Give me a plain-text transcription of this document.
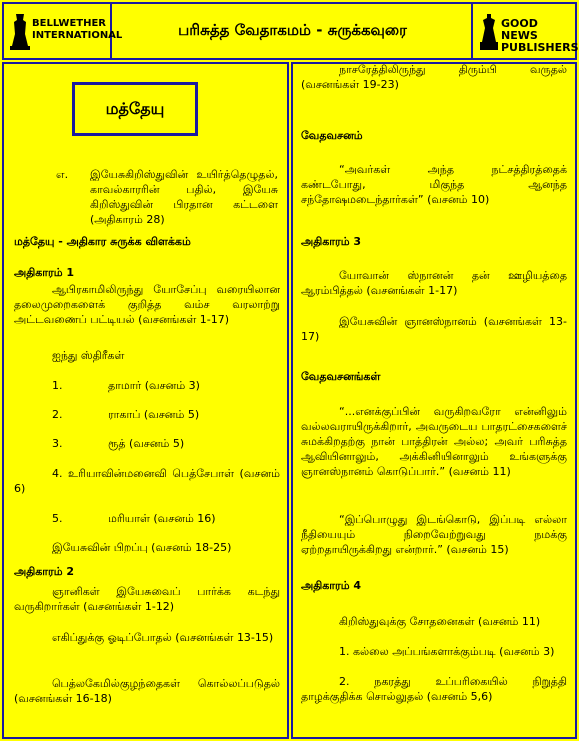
BELLWETHER INTERNATIONAL	பரிசுத்த வேதாகமம் - சுருக்கவுரை	GOOD NEWS PUBLISHERS
மத்தேயு
எ. இயேசுகிறிஸ்துவின் உயிர்த்தெழுதல், காவல்காரரின் பதில், இயேசு கிறிஸ்துவின் பிரதான கட்டளை (அதிகாரம் 28)
மத்தேயு - அதிகார சுருக்க விளக்கம்
அதிகாரம் 1
ஆபிரகாமிலிருந்து யோசேப்பு வரையிலான தலைமுறைகளைக் குறித்த வம்ச வரலாற்று அட்டவணைப் பட்டியல் (வசனங்கள் 1-17)
ஐந்து ஸ்திரீகள்
1.	தாமார் (வசனம் 3)
2.	ராகாப் (வசனம் 5)
3.	ரூத் (வசனம் 5)
4. உரியாவின்மனைவி பெத்சேபாள் (வசனம் 6)
5.	மரியாள் (வசனம் 16)
இயேசுவின் பிறப்பு (வசனம் 18-25)
அதிகாரம் 2
ஞானிகள் இயேசுவைப் பார்க்க கடந்து வருகிறார்கள் (வசனங்கள் 1-12)
எகிப்துக்கு ஓடிப்போதல் (வசனங்கள் 13-15)
பெத்லகேமில்குழந்தைகள் கொல்லப்படுதல் (வசனங்கள் 16-18)
நாசரேத்திலிருந்து திரும்பி வருதல் (வசனங்கள் 19-23)
வேதவசனம்
“அவர்கள் அந்த நட்சத்திரத்தைக் கண்டபோது, மிகுந்த ஆனந்த சந்தோஷமடைந்தார்கள்” (வசனம் 10)
அதிகாரம் 3
யோவான் ஸ்நானன் தன் ஊழியத்தை ஆரம்பித்தல் (வசனங்கள் 1-17)
இயேசுவின் ஞானஸ்நானம் (வசனங்கள் 13-17)
வேதவசனங்கள்
“...எனக்குப்பின் வருகிறவரோ என்னிலும் வல்லவராயிருக்கிறார், அவருடைய பாதரட்சைகளைச் சுமக்கிறதற்கு நான் பாத்திரன் அல்ல; அவர் பரிசுத்த ஆவியினாலும், அக்கினியினாலும் உங்களுக்கு ஞானஸ்நானம் கொடுப்பார்.” (வசனம் 11)
“இப்பொழுது இடங்கொடு, இப்படி எல்லா நீதியையும் நிறைவேற்றுவது நமக்கு ஏற்றதாயிருக்கிறது என்றார்.” (வசனம் 15)
அதிகாரம் 4
கிறிஸ்துவுக்கு சோதனைகள் (வசனம் 11)
1. கல்லை அப்பங்களாக்கும்படி (வசனம் 3)
2. நகரத்து உப்பரிகையில் நிறுத்தி தாழக்குதிக்க சொல்லுதல் (வசனம் 5,6)
